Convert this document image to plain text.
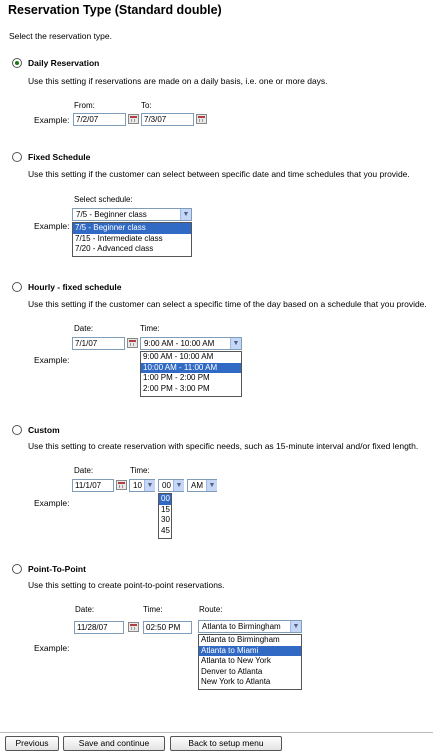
Reservation Type (Standard double)
Select the reservation type.
Daily Reservation
Use this setting if reservations are made on a daily basis, i.e. one or more days.
From:	To:
Example: 7/2/07	7/3/07
Fixed Schedule
Use this setting if the customer can select between specific date and time schedules that you provide.
Select schedule:
Example:
7/5 - Beginner class	▼
7/5 - Beginner class
7/15 - Intermediate class
7/20 - Advanced class
Hourly - fixed schedule
Use this setting if the customer can select a specific time of the day based on a schedule that you provide.
Date:	Time:
Example:
7/1/07	9:00 AM - 10:00 AM	▼
9:00 AM - 10:00 AM
10:00 AM - 11:00 AM
1:00 PM - 2:00 PM
2:00 PM - 3:00 PM
Custom
Use this setting to create reservation with specific needs, such as 15-minute interval and/or fixed length.
Date:	Time:
Example:
11/1/07	10 ▼	00 ▼	AM ▼
00
15
30
45
Point-To-Point
Use this setting to create point-to-point reservations.
Date:	Time:	Route:
Example:
11/28/07	02:50 PM	Atlanta to Birmingham	▼
Atlanta to Birmingham
Atlanta to Miami
Atlanta to New York
Denver to Atlanta
New York to Atlanta
Previous	Save and continue	Back to setup menu
